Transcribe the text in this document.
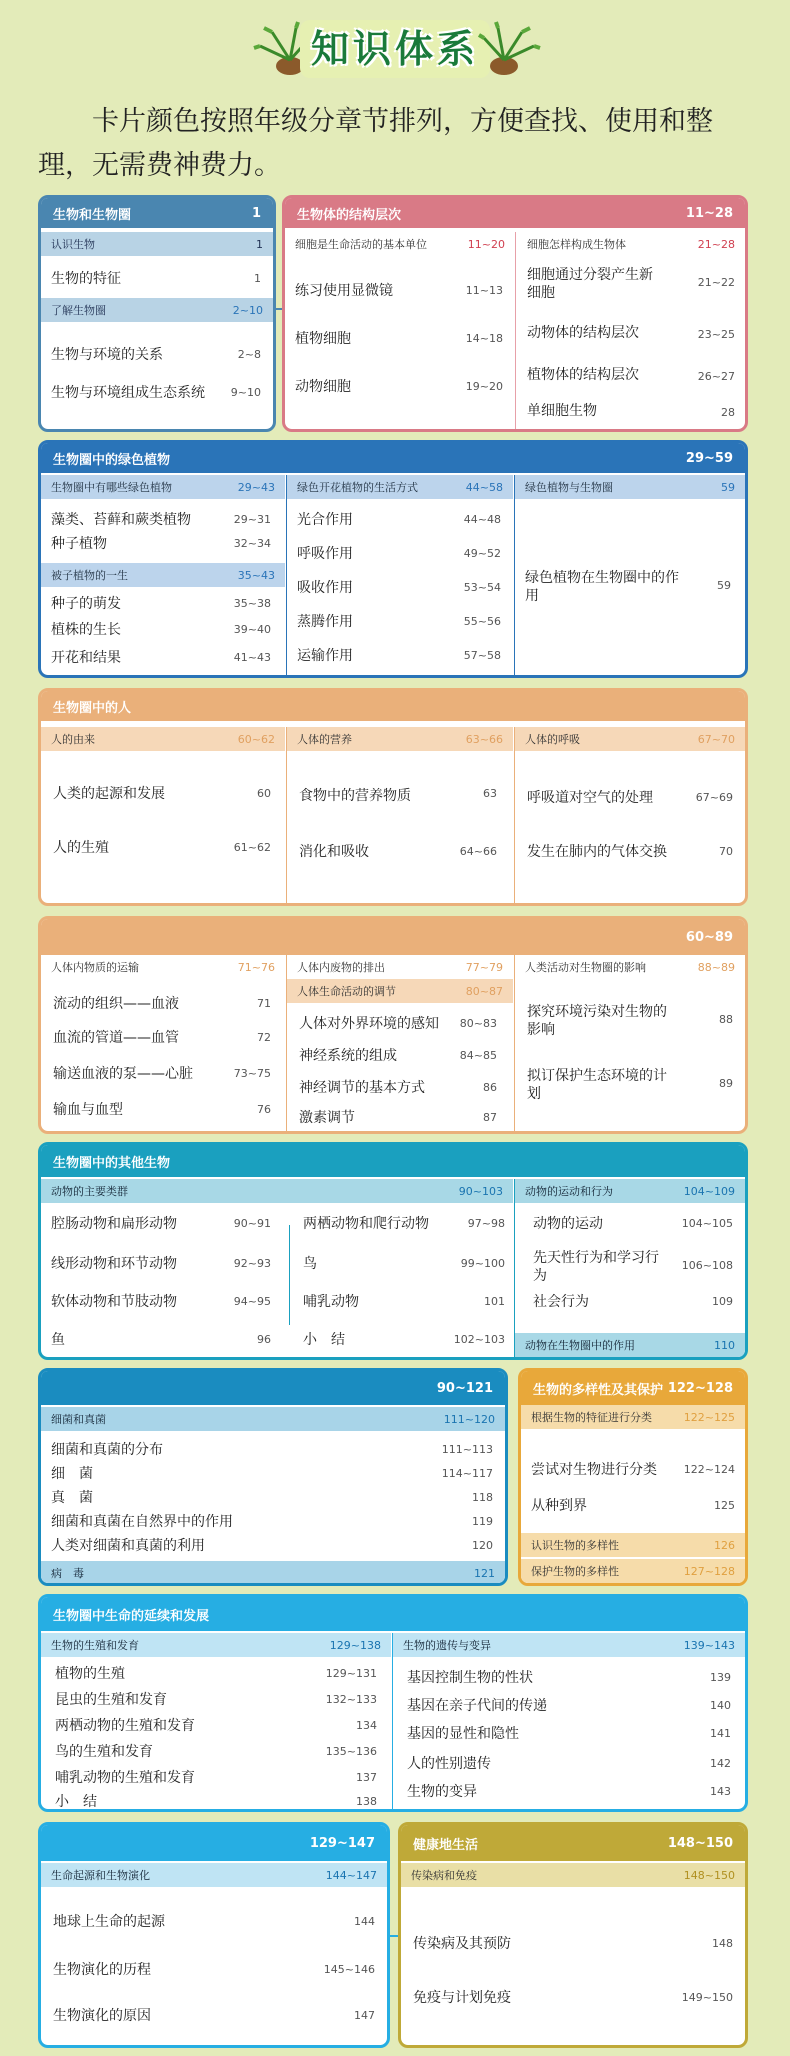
知识体系
卡片颜色按照年级分章节排列，方便查找、使用和整理，无需费神费力。
生物和生物圈	1
认识生物	1
生物的特征	1
了解生物圈	2~10
生物与环境的关系	2~8
生物与环境组成生态系统	9~10
生物体的结构层次	11~28
细胞是生命活动的基本单位	11~20 细胞怎样构成生物体	21~28
练习使用显微镜	11~13
植物细胞	14~18
动物细胞	19~20
细胞通过分裂产生新细胞
21~22
动物体的结构层次	23~25
植物体的结构层次	26~27
单细胞生物	28
生物圈中的绿色植物	29~59
生物圈中有哪些绿色植物	29~43 绿色开花植物的生活方式	44~58 绿色植物与生物圈	59
藻类、苔藓和蕨类植物	29~31
种子植物	32~34
被子植物的一生	35~43
种子的萌发	35~38
植株的生长	39~40
开花和结果	41~43
光合作用	44~48
呼吸作用	49~52
吸收作用	53~54
蒸腾作用	55~56
运输作用	57~58
绿色植物在生物圈中的作用
59
生物圈中的人
人的由来	60~62 人体的营养	63~66 人体的呼吸	67~70
人类的起源和发展	60
人的生殖	61~62
食物中的营养物质	63
消化和吸收	64~66
呼吸道对空气的处理	67~69
发生在肺内的气体交换	70
60~89
人体内物质的运输	71~76 人体内废物的排出	77~79
人体生命活动的调节	80~87
人类活动对生物圈的影响	88~89
流动的组织——血液	71
血流的管道——血管	72
输送血液的泵——心脏	73~75
输血与血型	76
人体对外界环境的感知 80~83
神经系统的组成	84~85
神经调节的基本方式	86
激素调节	87
探究环境污染对生物的影响
88
拟订保护生态环境的计划
89
生物圈中的其他生物
动物的主要类群	90~103 动物的运动和行为	104~109
腔肠动物和扁形动物	90~91
线形动物和环节动物	92~93
软体动物和节肢动物	94~95
鱼	96
两栖动物和爬行动物	97~98
鸟	99~100
哺乳动物	101
小　结	102~103
动物的运动	104~105
先天性行为和学习行为
106~108
社会行为	109
动物在生物圈中的作用	110
90~121
细菌和真菌	111~120
细菌和真菌的分布	111~113
细　菌	114~117
真　菌	118
细菌和真菌在自然界中的作用	119
人类对细菌和真菌的利用	120
病　毒	121
生物的多样性及其保护 122~128
根据生物的特征进行分类	122~125
尝试对生物进行分类 122~124
从种到界	125
认识生物的多样性	126
保护生物的多样性	127~128
生物圈中生命的延续和发展
生物的生殖和发育	129~138 生物的遗传与变异	139~143
植物的生殖	129~131
昆虫的生殖和发育	132~133
两栖动物的生殖和发育	134
鸟的生殖和发育	135~136
哺乳动物的生殖和发育	137
小　结	138
基因控制生物的性状	139
基因在亲子代间的传递	140
基因的显性和隐性	141
人的性别遗传	142
生物的变异	143
129~147
生命起源和生物演化	144~147
地球上生命的起源	144
生物演化的历程	145~146
生物演化的原因	147
健康地生活	148~150
传染病和免疫	148~150
传染病及其预防	148
免疫与计划免疫	149~150
